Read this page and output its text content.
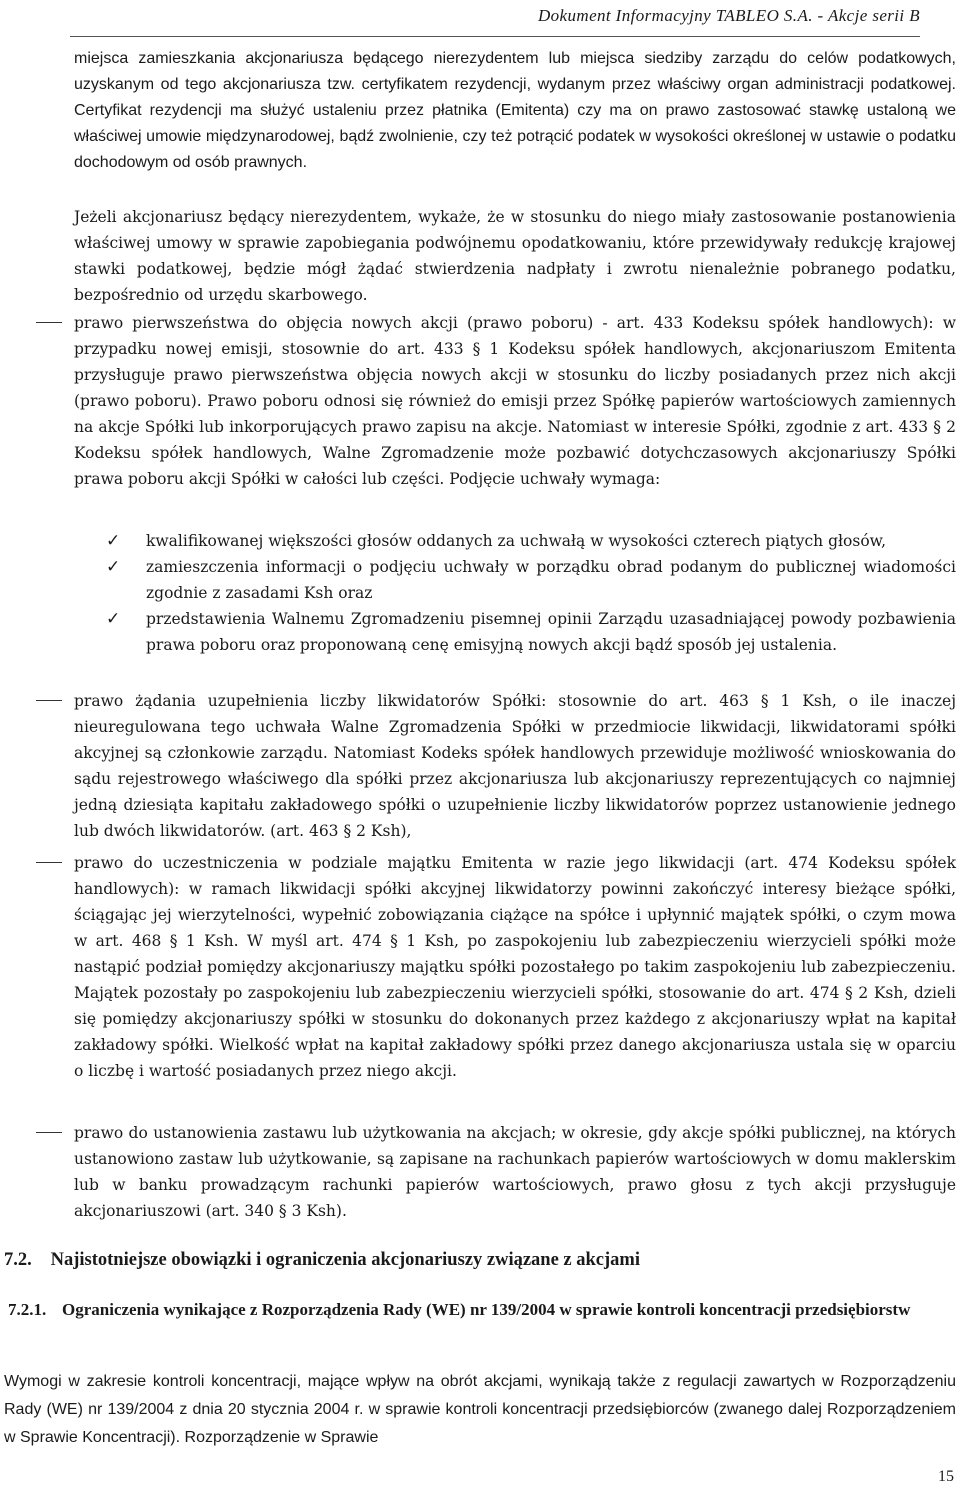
Dokument Informacyjny TABLEO S.A. - Akcje serii B
miejsca zamieszkania akcjonariusza będącego nierezydentem lub miejsca siedziby zarządu do celów podatkowych, uzyskanym od tego akcjonariusza tzw. certyfikatem rezydencji, wydanym przez właściwy organ administracji podatkowej. Certyfikat rezydencji ma służyć ustaleniu przez płatnika (Emitenta) czy ma on prawo zastosować stawkę ustaloną we właściwej umowie międzynarodowej, bądź zwolnienie, czy też potrącić podatek w wysokości określonej w ustawie o podatku dochodowym od osób prawnych.
Jeżeli akcjonariusz będący nierezydentem, wykaże, że w stosunku do niego miały zastosowanie postanowienia właściwej umowy w sprawie zapobiegania podwójnemu opodatkowaniu, które przewidywały redukcję krajowej stawki podatkowej, będzie mógł żądać stwierdzenia nadpłaty i zwrotu nienależnie pobranego podatku, bezpośrednio od urzędu skarbowego.
prawo pierwszeństwa do objęcia nowych akcji (prawo poboru) - art. 433 Kodeksu spółek handlowych): w przypadku nowej emisji, stosownie do art. 433 § 1 Kodeksu spółek handlowych, akcjonariuszom Emitenta przysługuje prawo pierwszeństwa objęcia nowych akcji w stosunku do liczby posiadanych przez nich akcji (prawo poboru). Prawo poboru odnosi się również do emisji przez Spółkę papierów wartościowych zamiennych na akcje Spółki lub inkorporujących prawo zapisu na akcje. Natomiast w interesie Spółki, zgodnie z art. 433 § 2 Kodeksu spółek handlowych, Walne Zgromadzenie może pozbawić dotychczasowych akcjonariuszy Spółki prawa poboru akcji Spółki w całości lub części. Podjęcie uchwały wymaga:
✓ kwalifikowanej większości głosów oddanych za uchwałą w wysokości czterech piątych głosów,
✓ zamieszczenia informacji o podjęciu uchwały w porządku obrad podanym do publicznej wiadomości zgodnie z zasadami Ksh oraz
✓ przedstawienia Walnemu Zgromadzeniu pisemnej opinii Zarządu uzasadniającej powody pozbawienia prawa poboru oraz proponowaną cenę emisyjną nowych akcji bądź sposób jej ustalenia.
prawo żądania uzupełnienia liczby likwidatorów Spółki: stosownie do art. 463 § 1 Ksh, o ile inaczej nieuregulowana tego uchwała Walne Zgromadzenia Spółki w przedmiocie likwidacji, likwidatorami spółki akcyjnej są członkowie zarządu. Natomiast Kodeks spółek handlowych przewiduje możliwość wnioskowania do sądu rejestrowego właściwego dla spółki przez akcjonariusza lub akcjonariuszy reprezentujących co najmniej jedną dziesiąta kapitału zakładowego spółki o uzupełnienie liczby likwidatorów poprzez ustanowienie jednego lub dwóch likwidatorów. (art. 463 § 2 Ksh),
prawo do uczestniczenia w podziale majątku Emitenta w razie jego likwidacji (art. 474 Kodeksu spółek handlowych): w ramach likwidacji spółki akcyjnej likwidatorzy powinni zakończyć interesy bieżące spółki, ściągając jej wierzytelności, wypełnić zobowiązania ciążące na spółce i upłynnić majątek spółki, o czym mowa w art. 468 § 1 Ksh. W myśl art. 474 § 1 Ksh, po zaspokojeniu lub zabezpieczeniu wierzycieli spółki może nastąpić podział pomiędzy akcjonariuszy majątku spółki pozostałego po takim zaspokojeniu lub zabezpieczeniu. Majątek pozostały po zaspokojeniu lub zabezpieczeniu wierzycieli spółki, stosowanie do art. 474 § 2 Ksh, dzieli się pomiędzy akcjonariuszy spółki w stosunku do dokonanych przez każdego z akcjonariuszy wpłat na kapitał zakładowy spółki. Wielkość wpłat na kapitał zakładowy spółki przez danego akcjonariusza ustala się w oparciu o liczbę i wartość posiadanych przez niego akcji.
prawo do ustanowienia zastawu lub użytkowania na akcjach; w okresie, gdy akcje spółki publicznej, na których ustanowiono zastaw lub użytkowanie, są zapisane na rachunkach papierów wartościowych w domu maklerskim lub w banku prowadzącym rachunki papierów wartościowych, prawo głosu z tych akcji przysługuje akcjonariuszowi (art. 340 § 3 Ksh).
7.2. Najistotniejsze obowiązki i ograniczenia akcjonariuszy związane z akcjami
7.2.1. Ograniczenia wynikające z Rozporządzenia Rady (WE) nr 139/2004 w sprawie kontroli koncentracji przedsiębiorstw
Wymogi w zakresie kontroli koncentracji, mające wpływ na obrót akcjami, wynikają także z regulacji zawartych w Rozporządzeniu Rady (WE) nr 139/2004 z dnia 20 stycznia 2004 r. w sprawie kontroli koncentracji przedsiębiorców (zwanego dalej Rozporządzeniem w Sprawie Koncentracji). Rozporządzenie w Sprawie
15
